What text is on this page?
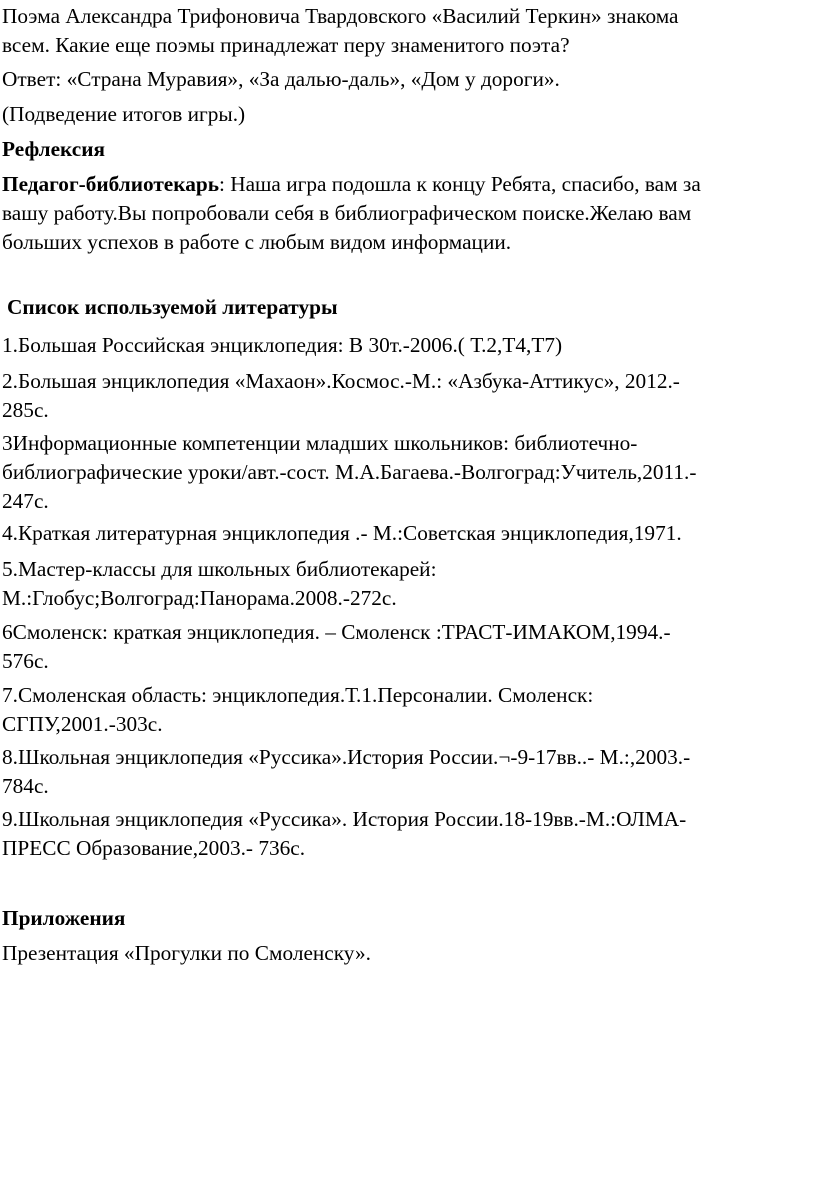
Поэма Александра Трифоновича Твардовского «Василий Теркин» знакома
всем. Какие еще поэмы принадлежат перу знаменитого поэта?

Ответ: «Страна Муравия», «За далью-даль», «Дом у дороги».

(Подведение итогов игры.)

Рефлексия

Педагог-библиотекарь: Наша игра подошла к концу Ребята, спасибо, вам за
вашу работу.Вы попробовали себя в библиографическом поиске.Желаю вам
больших успехов в работе с любым видом информации.

Список используемой литературы

1.Большая Российская энциклопедия: В 30т.-2006.( Т.2,Т4,Т7)

2.Большая энциклопедия «Махаон».Космос.-М.: «Азбука-Аттикус», 2012.-
285с.

3Информационные компетенции младших школьников: библиотечно-
библиографические уроки/авт.-сост. М.А.Багаева.-Волгоград:Учитель,2011.-
247с.

4.Краткая литературная энциклопедия .- М.:Советская энциклопедия,1971.

5.Мастер-классы для школьных библиотекарей:
М.:Глобус;Волгоград:Панорама.2008.-272с.

6Смоленск: краткая энциклопедия. – Смоленск :ТРАСТ-ИМАКОМ,1994.-
576с.

7.Смоленская область: энциклопедия.Т.1.Персоналии. Смоленск:
СГПУ,2001.-303с.

8.Школьная энциклопедия «Руссика».История России.¬-9-17вв..- М.:,2003.-
784с.

9.Школьная энциклопедия «Руссика». История России.18-19вв.-М.:ОЛМА-
ПРЕСС Образование,2003.- 736с.

Приложения

Презентация «Прогулки по Смоленску».
